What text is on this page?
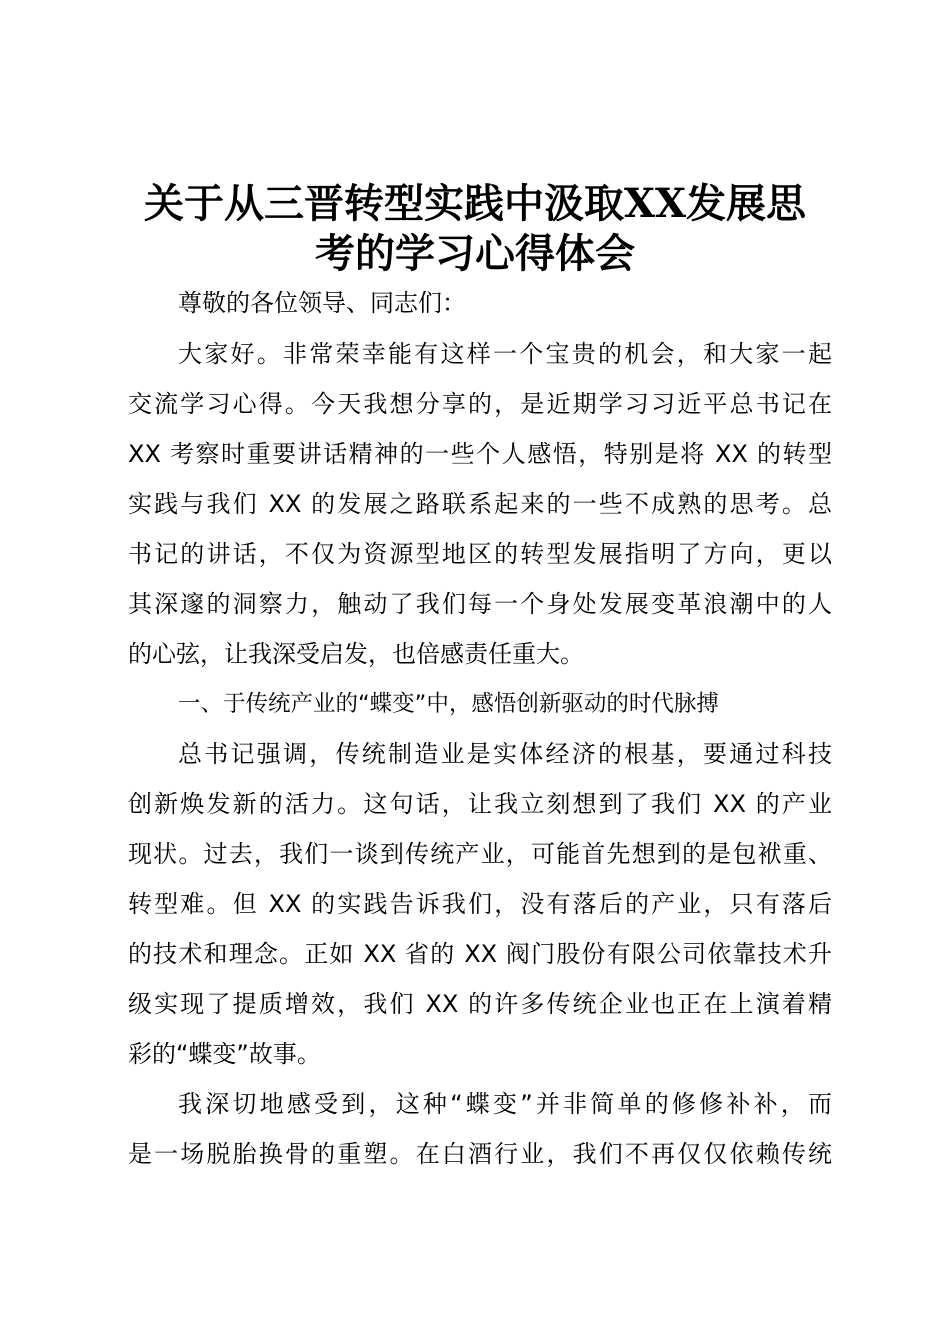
关于从三晋转型实践中汲取XX发展思
考的学习心得体会
尊敬的各位领导、同志们：
大家好。非常荣幸能有这样一个宝贵的机会，和大家一起
交流学习心得。今天我想分享的，是近期学习习近平总书记在
XX 考察时重要讲话精神的一些个人感悟，特别是将 XX 的转型
实践与我们 XX 的发展之路联系起来的一些不成熟的思考。总
书记的讲话，不仅为资源型地区的转型发展指明了方向，更以
其深邃的洞察力，触动了我们每一个身处发展变革浪潮中的人
的心弦，让我深受启发，也倍感责任重大。
一、于传统产业的“蝶变”中，感悟创新驱动的时代脉搏
总书记强调，传统制造业是实体经济的根基，要通过科技
创新焕发新的活力。这句话，让我立刻想到了我们 XX 的产业
现状。过去，我们一谈到传统产业，可能首先想到的是包袱重、
转型难。但 XX 的实践告诉我们，没有落后的产业，只有落后
的技术和理念。正如 XX 省的 XX 阀门股份有限公司依靠技术升
级实现了提质增效，我们 XX 的许多传统企业也正在上演着精
彩的“蝶变”故事。
我深切地感受到，这种“蝶变”并非简单的修修补补，而
是一场脱胎换骨的重塑。在白酒行业，我们不再仅仅依赖传统
